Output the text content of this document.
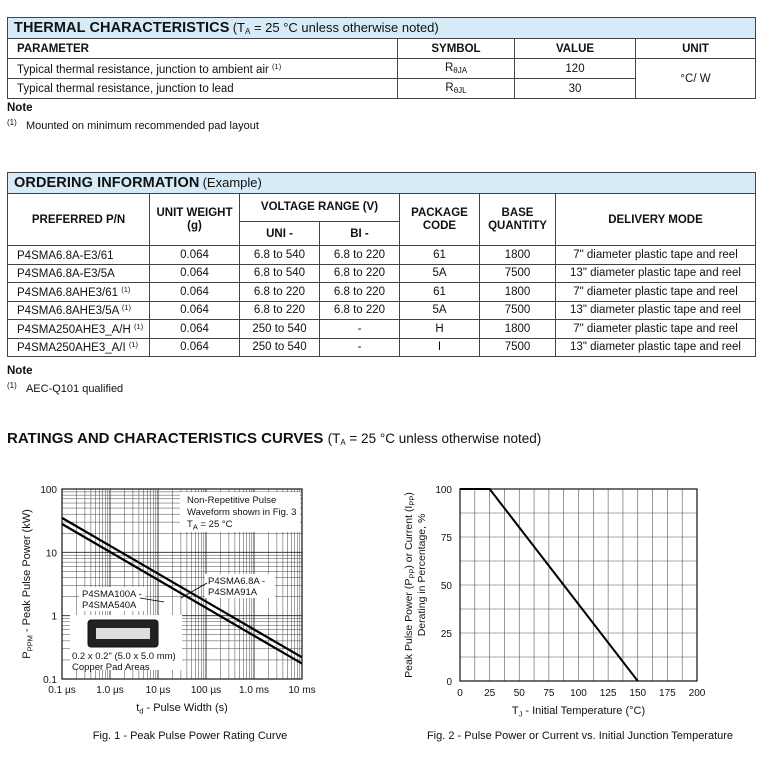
THERMAL CHARACTERISTICS ($T_A = 25$ °C unless otherwise noted)			
PARAMETER	SYMBOL	VALUE	UNIT
Typical thermal resistance, junction to ambient air $^{(1)}$	$R_{\theta JA}$	120	°C/ W
Typical thermal resistance, junction to lead	$R_{\theta JL}$	30	
Note
$^{(1)}$ Mounted on minimum recommended pad layout
ORDERING INFORMATION (Example)						
PREFERRED P/N	UNIT WEIGHT (g)	VOLTAGE RANGE (V)		PACKAGE CODE	BASE QUANTITY	DELIVERY MODE
		UNI -	BI -			
P4SMA6.8A-E3/61	0.064	6.8 to 540	6.8 to 220	61	1800	7" diameter plastic tape and reel
P4SMA6.8A-E3/5A	0.064	6.8 to 540	6.8 to 220	5A	7500	13" diameter plastic tape and reel
P4SMA6.8AHE3/61 $^{(1)}$	0.064	6.8 to 220	6.8 to 220	61	1800	7" diameter plastic tape and reel
P4SMA6.8AHE3/5A $^{(1)}$	0.064	6.8 to 220	6.8 to 220	5A	7500	13" diameter plastic tape and reel
P4SMA250AHE3_A/H $^{(1)}$	0.064	250 to 540	-	H	1800	7" diameter plastic tape and reel
P4SMA250AHE3_A/I $^{(1)}$	0.064	250 to 540	-	I	7500	13" diameter plastic tape and reel
Note
$^{(1)}$ AEC-Q101 qualified
RATINGS AND CHARACTERISTICS CURVES ($T_A = 25$ °C unless otherwise noted)
0.1 µs 1.0 µs 10 µs 100 µs 1.0 ms 10 ms
0.1
1
10
100
Non-Repetitive Pulse
Waveform shown in Fig. 3
$T_A = 25$ °C
P4SMA6.8A -
P4SMA91A
P4SMA100A -
P4SMA540A
0.2 x 0.2" (5.0 x 5.0 mm)
Copper Pad Areas
$t_d$ - Pulse Width (s)
$P_{PPM}$ - Peak Pulse Power (kW)
Fig. 1 - Peak Pulse Power Rating Curve
0 25 50 75 100 125 150 175 200
0
25
50
75
100
$T_J$ - Initial Temperature (°C)
Peak Pulse Power $(P_{PP})$ or Current $(I_{PP})$
Derating in Percentage, %
Fig. 2 - Pulse Power or Current vs. Initial Junction Temperature
